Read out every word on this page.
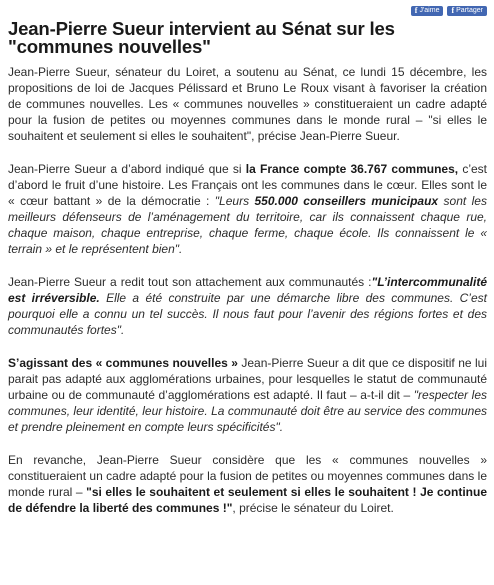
f J'aime f Partager
Jean-Pierre Sueur intervient au Sénat sur les "communes nouvelles"

Jean-Pierre Sueur, sénateur du Loiret, a soutenu au Sénat, ce lundi 15 décembre, les propositions de loi de Jacques Pélissard et Bruno Le Roux visant à favoriser la création de communes nouvelles. Les « communes nouvelles » constitueraient un cadre adapté pour la fusion de petites ou moyennes communes dans le monde rural – "si elles le souhaitent et seulement si elles le souhaitent", précise Jean-Pierre Sueur.

Jean-Pierre Sueur a d’abord indiqué que si la France compte 36.767 communes, c’est d’abord le fruit d’une histoire. Les Français ont les communes dans le cœur. Elles sont le « cœur battant » de la démocratie : "Leurs 550.000 conseillers municipaux sont les meilleurs défenseurs de l’aménagement du territoire, car ils connaissent chaque rue, chaque maison, chaque entreprise, chaque ferme, chaque école. Ils connaissent le « terrain » et le représentent bien".

Jean-Pierre Sueur a redit tout son attachement aux communautés :"L’intercommunalité est irréversible. Elle a été construite par une démarche libre des communes. C’est pourquoi elle a connu un tel succès. Il nous faut pour l’avenir des régions fortes et des communautés fortes".

S’agissant des « communes nouvelles » Jean-Pierre Sueur a dit que ce dispositif ne lui parait pas adapté aux agglomérations urbaines, pour lesquelles le statut de communauté urbaine ou de communauté d’agglomérations est adapté. Il faut – a-t-il dit – "respecter les communes, leur identité, leur histoire. La communauté doit être au service des communes et prendre pleinement en compte leurs spécificités".

En revanche, Jean-Pierre Sueur considère que les « communes nouvelles » constitueraient un cadre adapté pour la fusion de petites ou moyennes communes dans le monde rural – "si elles le souhaitent et seulement si elles le souhaitent ! Je continue de défendre la liberté des communes !", précise le sénateur du Loiret.
